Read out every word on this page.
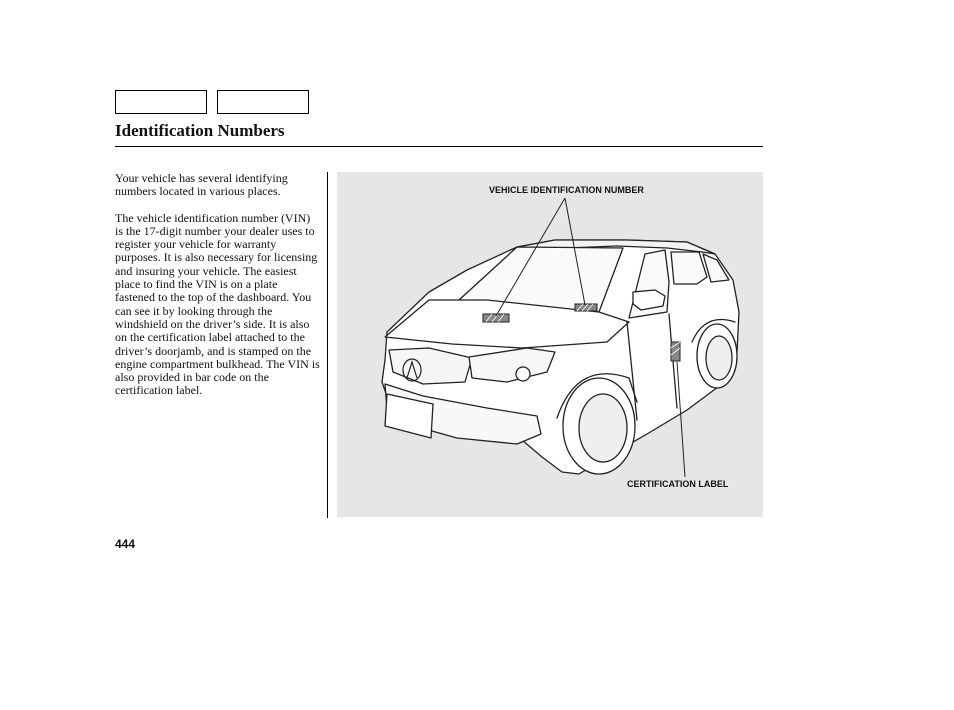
Identification Numbers

Your vehicle has several identifying numbers located in various places.

The vehicle identification number (VIN) is the 17-digit number your dealer uses to register your vehicle for warranty purposes. It is also necessary for licensing and insuring your vehicle. The easiest place to find the VIN is on a plate fastened to the top of the dashboard. You can see it by looking through the windshield on the driver’s side. It is also on the certification label attached to the driver’s doorjamb, and is stamped on the engine compartment bulkhead. The VIN is also provided in bar code on the certification label.

VEHICLE IDENTIFICATION NUMBER
CERTIFICATION LABEL
444
